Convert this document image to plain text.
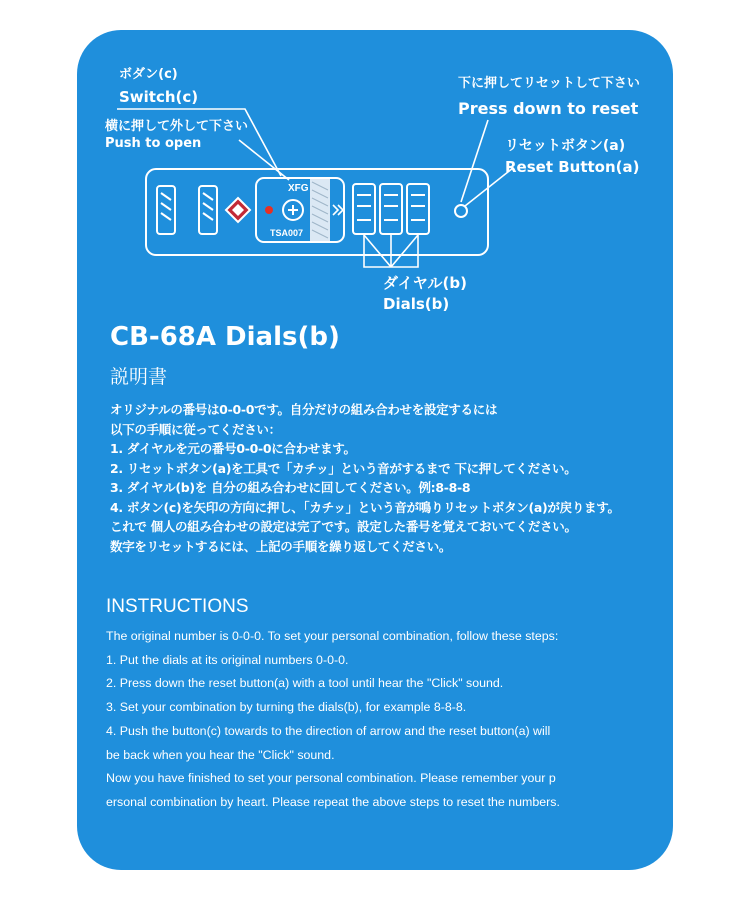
XFG
TSA007
ボダン(c)
Switch(c)
横に押して外して下さい
Push to open
下に押してリセットして下さい
Press down to reset
リセットボタン(a)
Reset Button(a)
ダイヤル(b)
Dials(b)
CB-68A Dials(b)
説明書
オリジナルの番号は0-0-0です。自分だけの組み合わせを設定するには
以下の手順に従ってください：
1. ダイヤルを元の番号0-0-0に合わせます。
2. リセットボタン(a)を工具で「カチッ」という音がするまで 下に押してください。
3. ダイヤル(b)を 自分の組み合わせに回してください。例:8-8-8
4. ボタン(c)を矢印の方向に押し、「カチッ」という音が鳴りリセットボタン(a)が戻ります。
これで 個人の組み合わせの設定は完了です。設定した番号を覚えておいてください。
数字をリセットするには、上記の手順を繰り返してください。
INSTRUCTIONS
The original number is 0-0-0. To set your personal combination, follow these steps:
1. Put the dials at its original numbers 0-0-0.
2. Press down the reset button(a) with a tool until hear the "Click" sound.
3. Set your combination by turning the dials(b), for example 8-8-8.
4. Push the button(c) towards to the direction of arrow and the reset button(a) will
be back when you hear the "Click" sound.
Now you have finished to set your personal combination. Please remember your p
ersonal combination by heart. Please repeat the above steps to reset the numbers.
